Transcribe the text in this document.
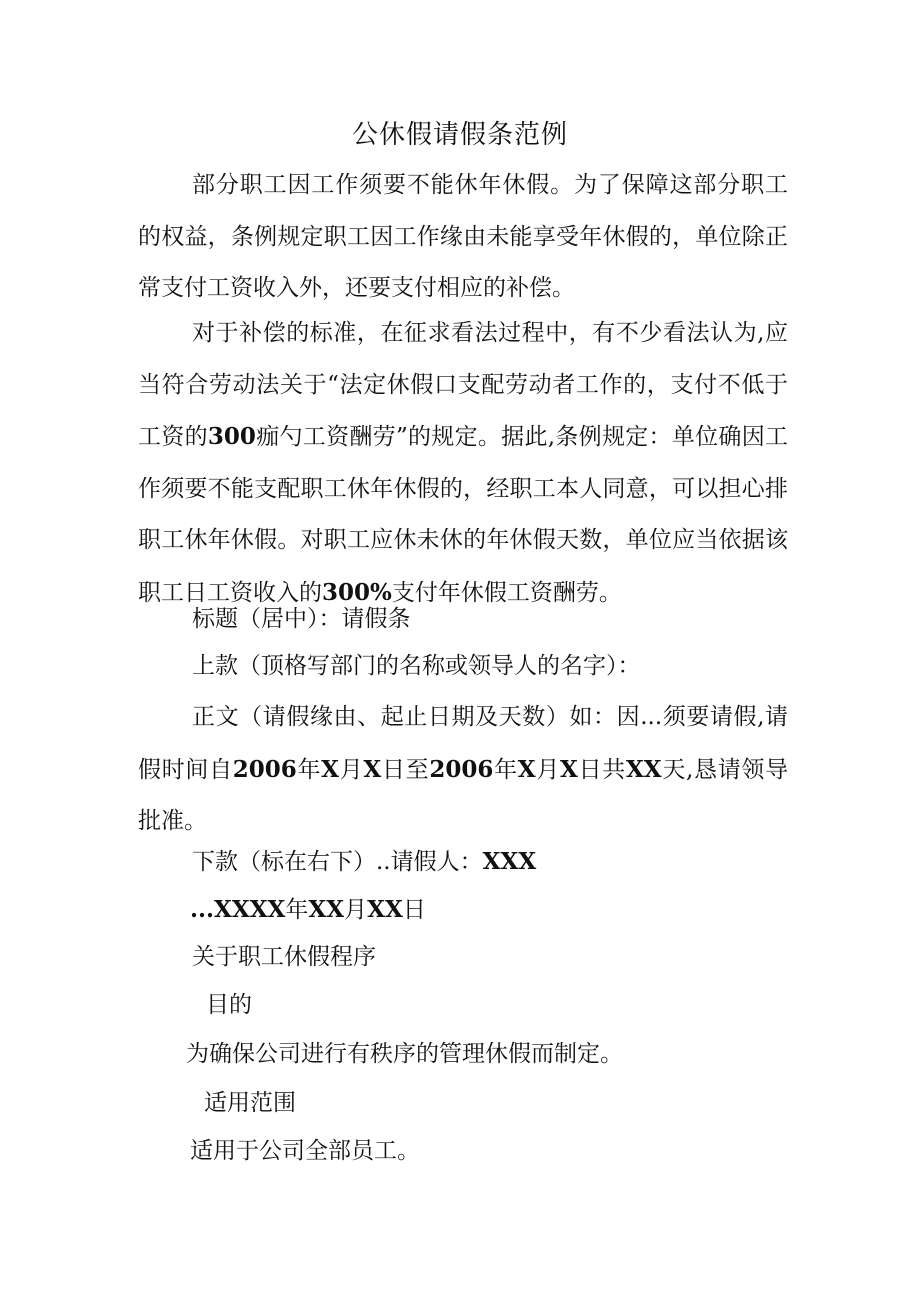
公休假请假条范例

部分职工因工作须要不能休年休假。为了保障这部分职工的权益，条例规定职工因工作缘由未能享受年休假的，单位除正常支付工资收入外，还要支付相应的补偿。

对于补偿的标准，在征求看法过程中，有不少看法认为,应当符合劳动法关于“法定休假口支配劳动者工作的，支付不低于工资的300痂勺工资酬劳”的规定。据此,条例规定：单位确因工作须要不能支配职工休年休假的，经职工本人同意，可以担心排职工休年休假。对职工应休未休的年休假天数，单位应当依据该职工日工资收入的300%支付年休假工资酬劳。

标题（居中）：请假条

上款（顶格写部门的名称或领导人的名字）：

正文（请假缘由、起止日期及天数）如：因...须要请假,请假时间自2006年X月X日至2006年X月X日共XX天,恳请领导批准。

下款（标在右下）..请假人：XXX

...XXXX年XX月XX日

关于职工休假程序

目的

为确保公司进行有秩序的管理休假而制定。

适用范围

适用于公司全部员工。
